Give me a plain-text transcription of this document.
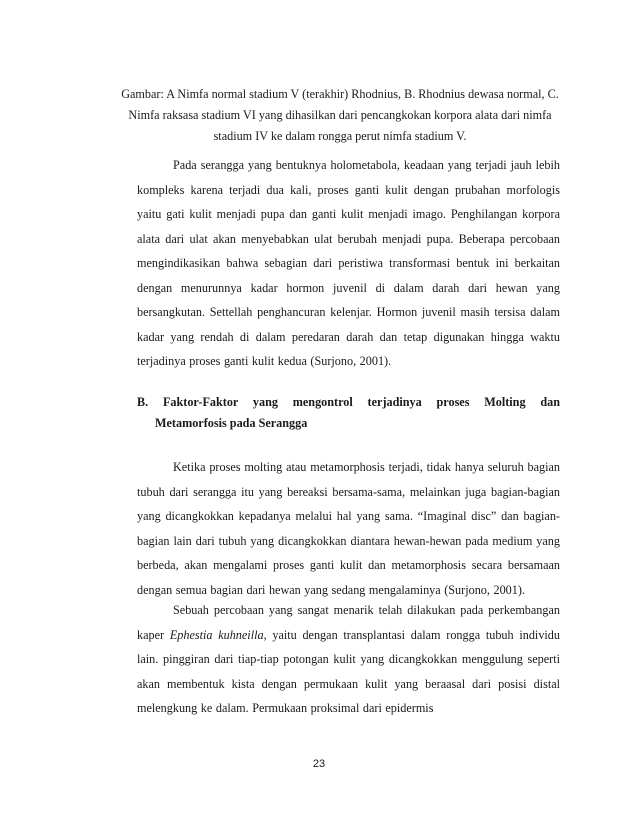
Gambar: A Nimfa normal stadium V (terakhir) Rhodnius, B. Rhodnius dewasa normal, C. Nimfa raksasa stadium VI yang dihasilkan dari pencangkokan korpora alata dari nimfa stadium IV ke dalam rongga perut nimfa stadium V.

Pada serangga yang bentuknya holometabola, keadaan yang terjadi jauh lebih kompleks karena terjadi dua kali, proses ganti kulit dengan prubahan morfologis yaitu gati kulit menjadi pupa dan ganti kulit menjadi imago. Penghilangan korpora alata dari ulat akan menyebabkan ulat berubah menjadi pupa. Beberapa percobaan mengindikasikan bahwa sebagian dari peristiwa transformasi bentuk ini berkaitan dengan menurunnya kadar hormon juvenil di dalam darah dari hewan yang bersangkutan. Settellah penghancuran kelenjar. Hormon juvenil masih tersisa dalam kadar yang rendah di dalam peredaran darah dan tetap digunakan hingga waktu terjadinya proses ganti kulit kedua (Surjono, 2001).

B. Faktor-Faktor yang mengontrol terjadinya proses Molting dan
Metamorfosis pada Serangga

Ketika proses molting atau metamorphosis terjadi, tidak hanya seluruh bagian tubuh dari serangga itu yang bereaksi bersama-sama, melainkan juga bagian-bagian yang dicangkokkan kepadanya melalui hal yang sama. “Imaginal disc” dan bagian-bagian lain dari tubuh yang dicangkokkan diantara hewan-hewan pada medium yang berbeda, akan mengalami proses ganti kulit dan metamorphosis secara bersamaan dengan semua bagian dari hewan yang sedang mengalaminya (Surjono, 2001).

Sebuah percobaan yang sangat menarik telah dilakukan pada perkembangan kaper Ephestia kuhneilla, yaitu dengan transplantasi dalam rongga tubuh individu lain. pinggiran dari tiap-tiap potongan kulit yang dicangkokkan menggulung seperti akan membentuk kista dengan permukaan kulit yang beraasal dari posisi distal melengkung ke dalam. Permukaan proksimal dari epidermis

23
